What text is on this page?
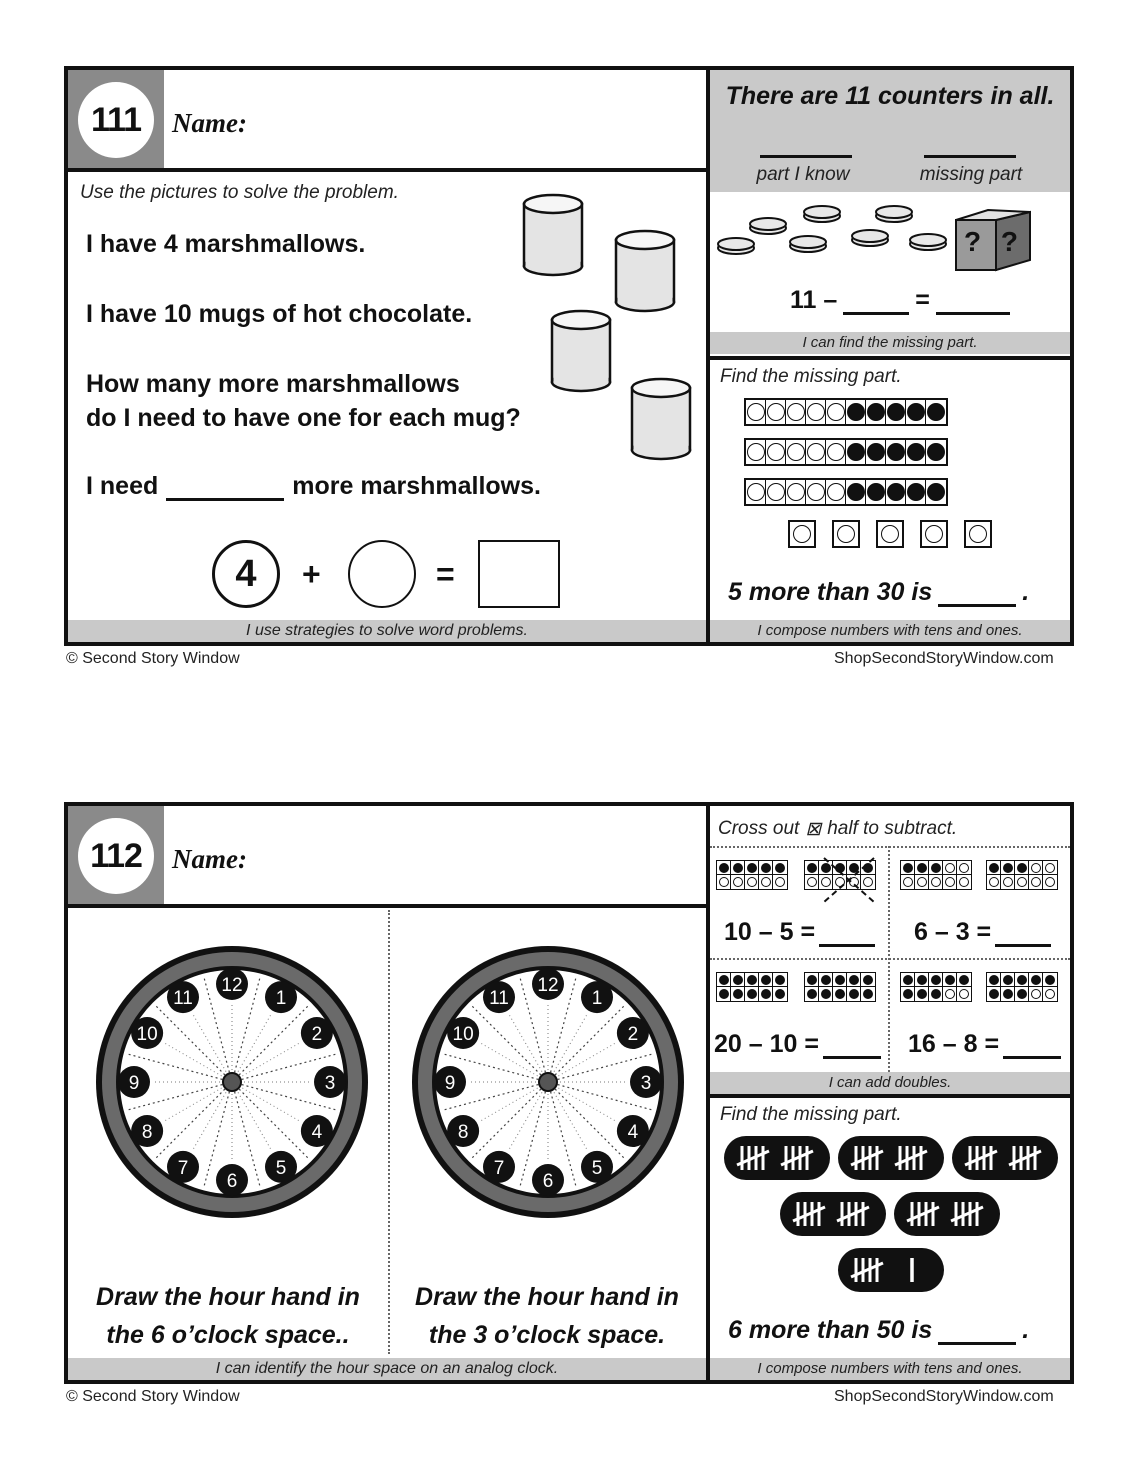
111	Name:
Use the pictures to solve the problem.
I have 4 marshmallows.
I have 10 mugs of hot chocolate.
How many more marshmallows
do I need to have one for each mug?
I need	more marshmallows.
4	+	=
I use strategies to solve word problems.
There are 11 counters in all.
part I know	missing part
? ?
11 –	=
I can find the missing part.
Find the missing part.
5 more than 30 is	.
I compose numbers with tens and ones.
© Second Story Window	ShopSecondStoryWindow.com
112	Name:
12
1
2
3
4
5
6
7
8
9
10
11
12
1
2
3
4
5
6
7
8
9
10
11
Draw the hour hand in
the 6 o’clock space..
Draw the hour hand in
the 3 o’clock space.
I can identify the hour space on an analog clock.
Cross out ⊠ half to subtract.
10 – 5 =	6 – 3 =
20 – 10 =	16 – 8 =
I can add doubles.
Find the missing part.
6 more than 50 is	.
I compose numbers with tens and ones.
© Second Story Window	ShopSecondStoryWindow.com
